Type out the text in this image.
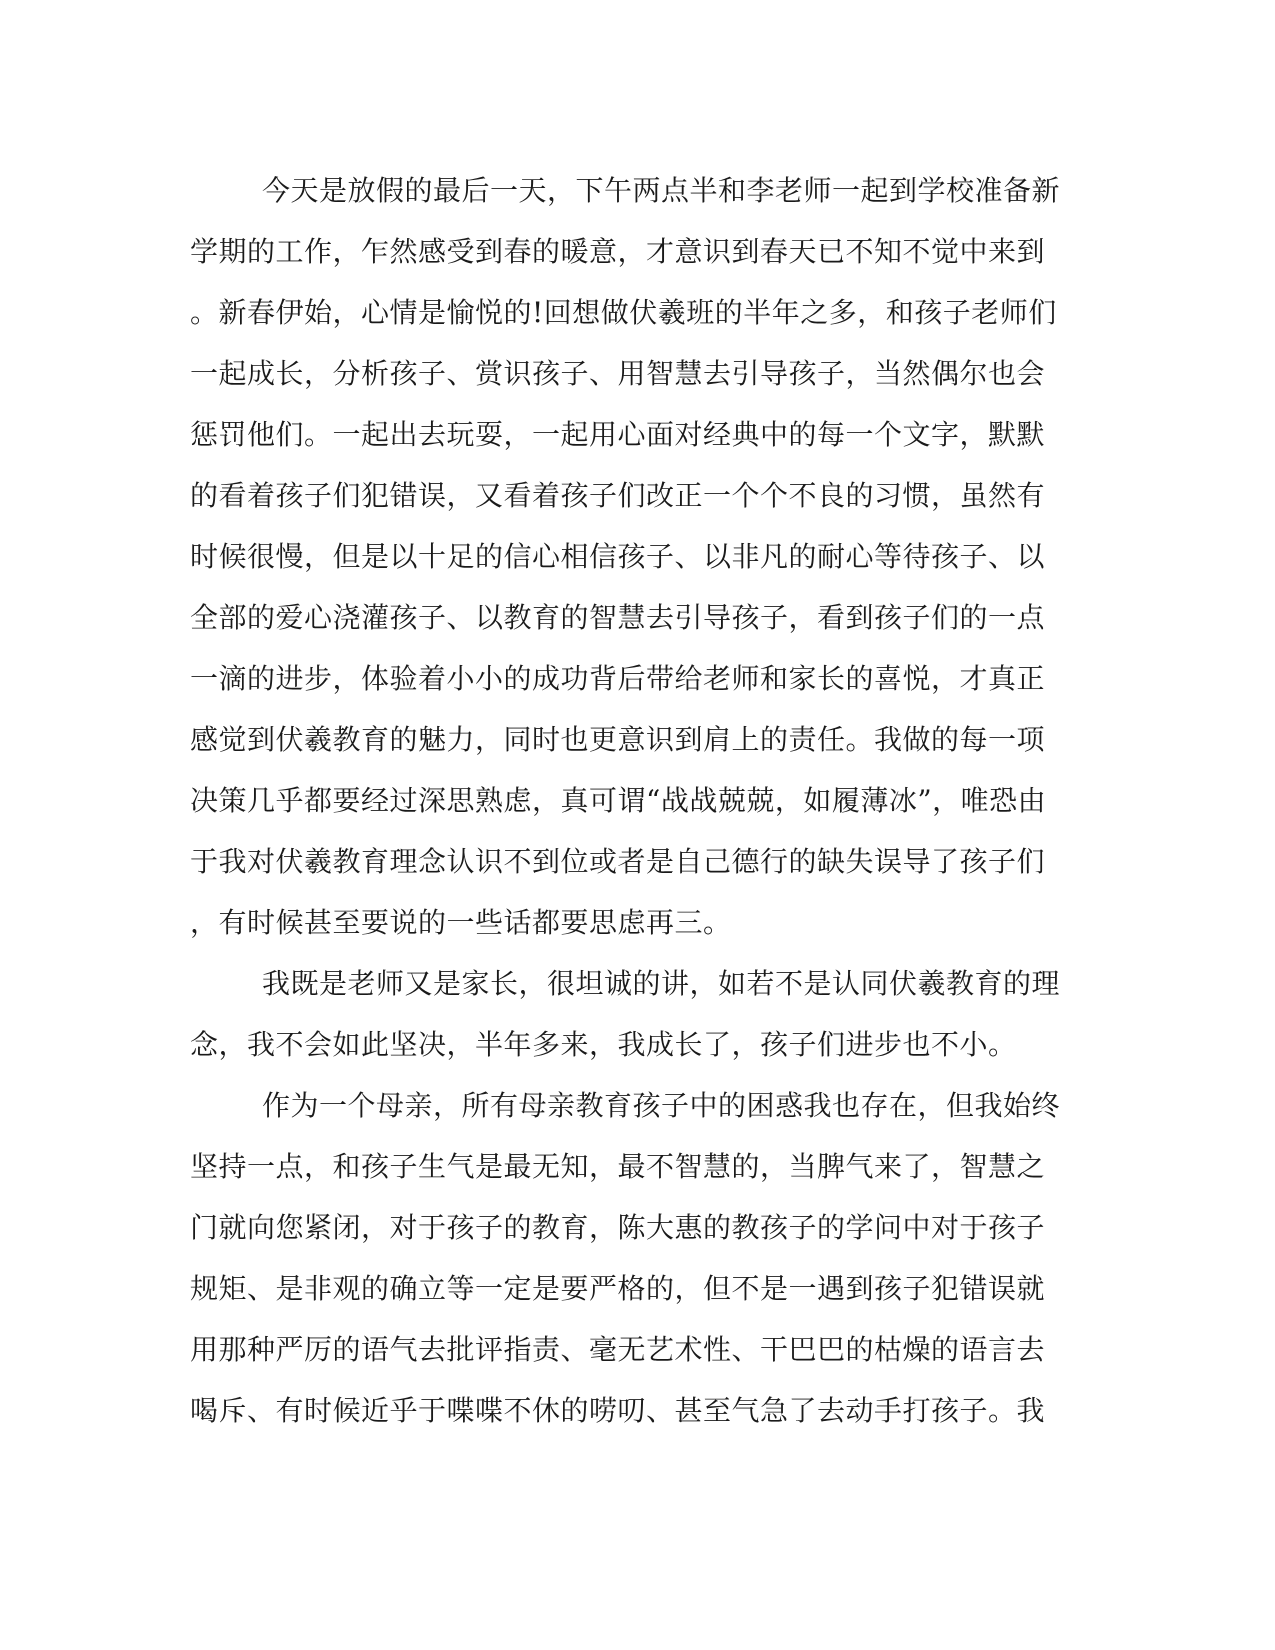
今天是放假的最后一天，下午两点半和李老师一起到学校准备新
学期的工作，乍然感受到春的暖意，才意识到春天已不知不觉中来到
。新春伊始，心情是愉悦的!回想做伏羲班的半年之多，和孩子老师们
一起成长，分析孩子、赏识孩子、用智慧去引导孩子，当然偶尔也会
惩罚他们。一起出去玩耍，一起用心面对经典中的每一个文字，默默
的看着孩子们犯错误，又看着孩子们改正一个个不良的习惯，虽然有
时候很慢，但是以十足的信心相信孩子、以非凡的耐心等待孩子、以
全部的爱心浇灌孩子、以教育的智慧去引导孩子，看到孩子们的一点
一滴的进步，体验着小小的成功背后带给老师和家长的喜悦，才真正
感觉到伏羲教育的魅力，同时也更意识到肩上的责任。我做的每一项
决策几乎都要经过深思熟虑，真可谓“战战兢兢，如履薄冰”，唯恐由
于我对伏羲教育理念认识不到位或者是自己德行的缺失误导了孩子们
，有时候甚至要说的一些话都要思虑再三。
我既是老师又是家长，很坦诚的讲，如若不是认同伏羲教育的理
念，我不会如此坚决，半年多来，我成长了，孩子们进步也不小。
作为一个母亲，所有母亲教育孩子中的困惑我也存在，但我始终
坚持一点，和孩子生气是最无知，最不智慧的，当脾气来了，智慧之
门就向您紧闭，对于孩子的教育，陈大惠的教孩子的学问中对于孩子
规矩、是非观的确立等一定是要严格的，但不是一遇到孩子犯错误就
用那种严厉的语气去批评指责、毫无艺术性、干巴巴的枯燥的语言去
喝斥、有时候近乎于喋喋不休的唠叨、甚至气急了去动手打孩子。我
